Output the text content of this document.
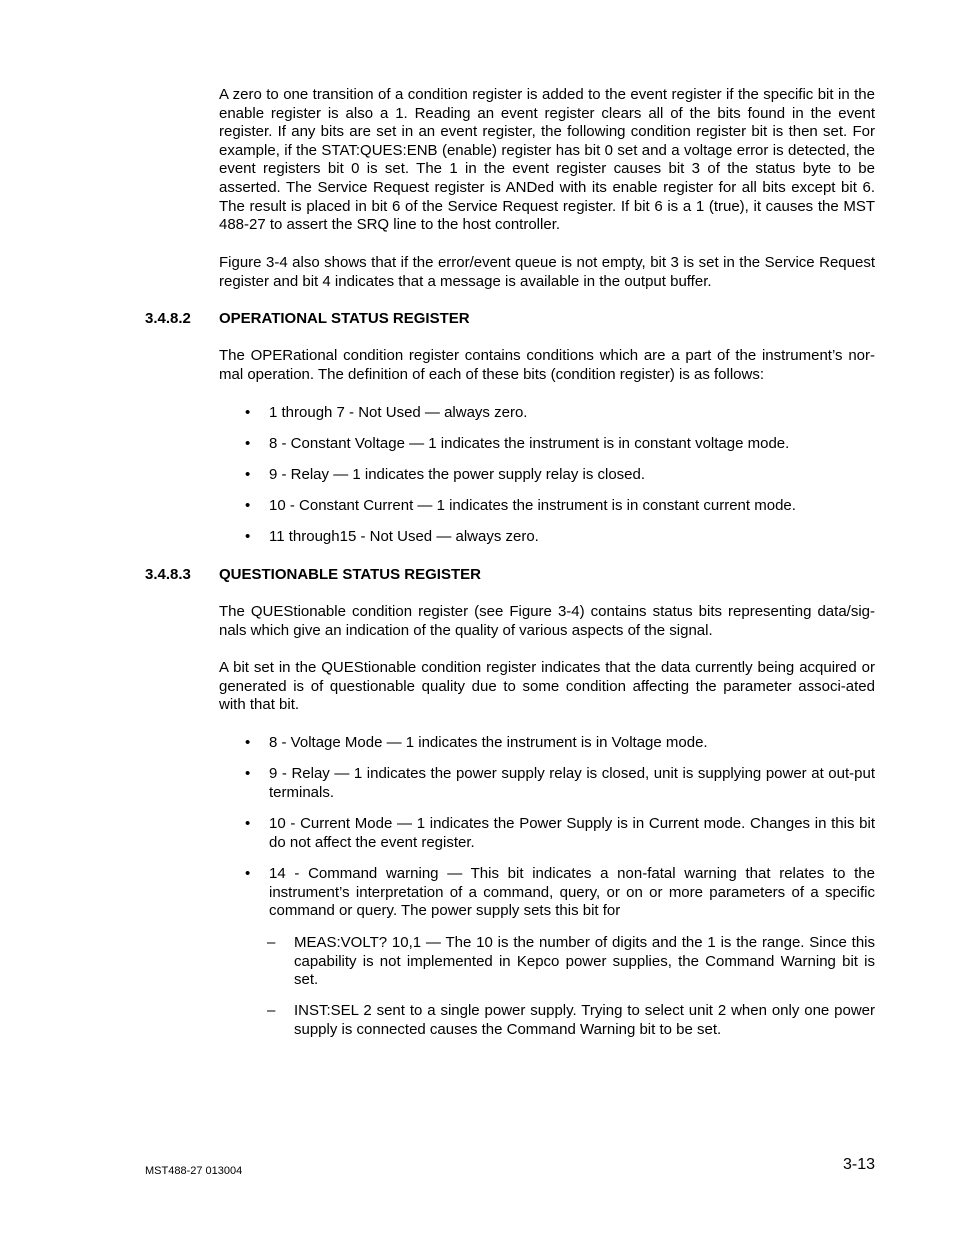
A zero to one transition of a condition register is added to the event register if the specific bit in the enable register is also a 1. Reading an event register clears all of the bits found in the event register. If any bits are set in an event register, the following condition register bit is then set. For example, if the STAT:QUES:ENB (enable) register has bit 0 set and a voltage error is detected, the event registers bit 0 is set. The 1 in the event register causes bit 3 of the status byte to be asserted. The Service Request register is ANDed with its enable register for all bits except bit 6. The result is placed in bit 6 of the Service Request register. If bit 6 is a 1 (true), it causes the MST 488-27 to assert the SRQ line to the host controller.

Figure 3-4 also shows that if the error/event queue is not empty, bit 3 is set in the Service Request register and bit 4 indicates that a message is available in the output buffer.

3.4.8.2 OPERATIONAL STATUS REGISTER

The OPERational condition register contains conditions which are a part of the instrument’s nor-mal operation. The definition of each of these bits (condition register) is as follows:

• 1 through 7 - Not Used — always zero.
• 8 - Constant Voltage — 1 indicates the instrument is in constant voltage mode.
• 9 - Relay — 1 indicates the power supply relay is closed.
• 10 - Constant Current — 1 indicates the instrument is in constant current mode.
• 11 through15 - Not Used — always zero.
3.4.8.3 QUESTIONABLE STATUS REGISTER

The QUEStionable condition register (see Figure 3-4) contains status bits representing data/sig-nals which give an indication of the quality of various aspects of the signal.

A bit set in the QUEStionable condition register indicates that the data currently being acquired or generated is of questionable quality due to some condition affecting the parameter associ-ated with that bit.

• 8 - Voltage Mode — 1 indicates the instrument is in Voltage mode.
• 9 - Relay — 1 indicates the power supply relay is closed, unit is supplying power at out-put terminals.
• 10 - Current Mode — 1 indicates the Power Supply is in Current mode. Changes in this bit do not affect the event register.
• 14 - Command warning — This bit indicates a non-fatal warning that relates to the instrument’s interpretation of a command, query, or on or more parameters of a specific command or query. The power supply sets this bit for
– MEAS:VOLT? 10,1 — The 10 is the number of digits and the 1 is the range. Since this capability is not implemented in Kepco power supplies, the Command Warning bit is set.
– INST:SEL 2 sent to a single power supply. Trying to select unit 2 when only one power supply is connected causes the Command Warning bit to be set.
MST488-27 013004	3-13
